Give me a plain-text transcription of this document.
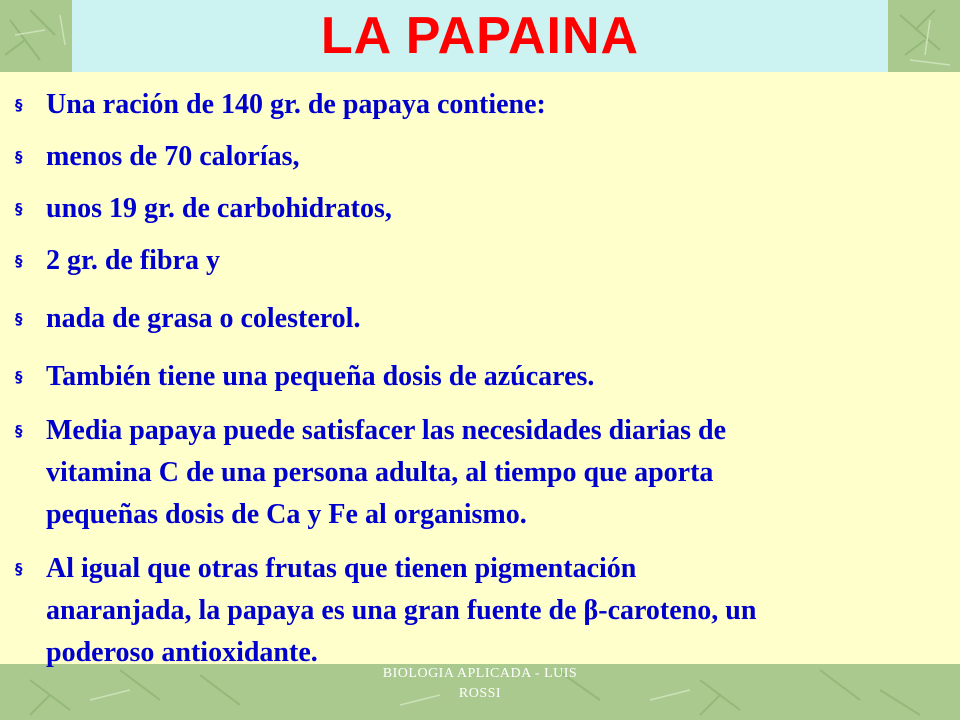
LA PAPAINA
§ Una ración de 140 gr. de papaya contiene:
§ menos de 70 calorías,
§ unos 19 gr. de carbohidratos,
§ 2 gr. de fibra y
§ nada de grasa o colesterol.
§ También tiene una pequeña dosis de azúcares.
§ Media papaya puede satisfacer las necesidades diarias de
vitamina C de una persona adulta, al tiempo que aporta
pequeñas dosis de Ca y Fe al organismo.
§ Al igual que otras frutas que tienen pigmentación
anaranjada, la papaya es una gran fuente de β-caroteno, un
poderoso antioxidante.
BIOLOGIA APLICADA - LUIS
ROSSI
